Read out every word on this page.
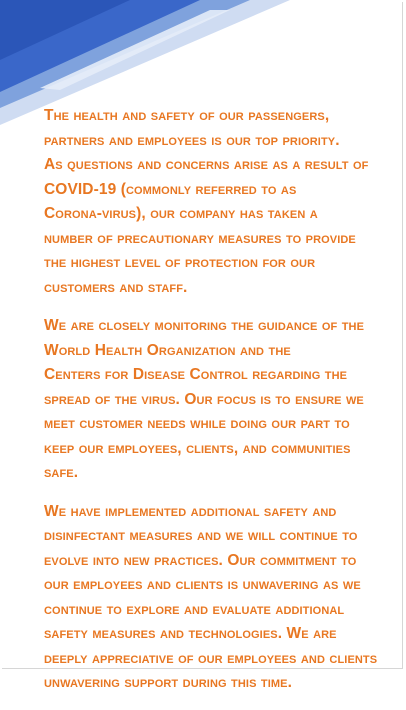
The health and safety of our passengers,
partners and employees is our top priority.
As questions and concerns arise as a result of
COVID-19 (commonly referred to as
Corona-virus), our company has taken a
number of precautionary measures to provide
the highest level of protection for our
customers and staff.

We are closely monitoring the guidance of the
World Health Organization and the
Centers for Disease Control regarding the
spread of the virus. Our focus is to ensure we
meet customer needs while doing our part to
keep our employees, clients, and communities
safe.

We have implemented additional safety and
disinfectant measures and we will continue to
evolve into new practices. Our commitment to
our employees and clients is unwavering as we
continue to explore and evaluate additional
safety measures and technologies. We are
deeply appreciative of our employees and clients
unwavering support during this time.
